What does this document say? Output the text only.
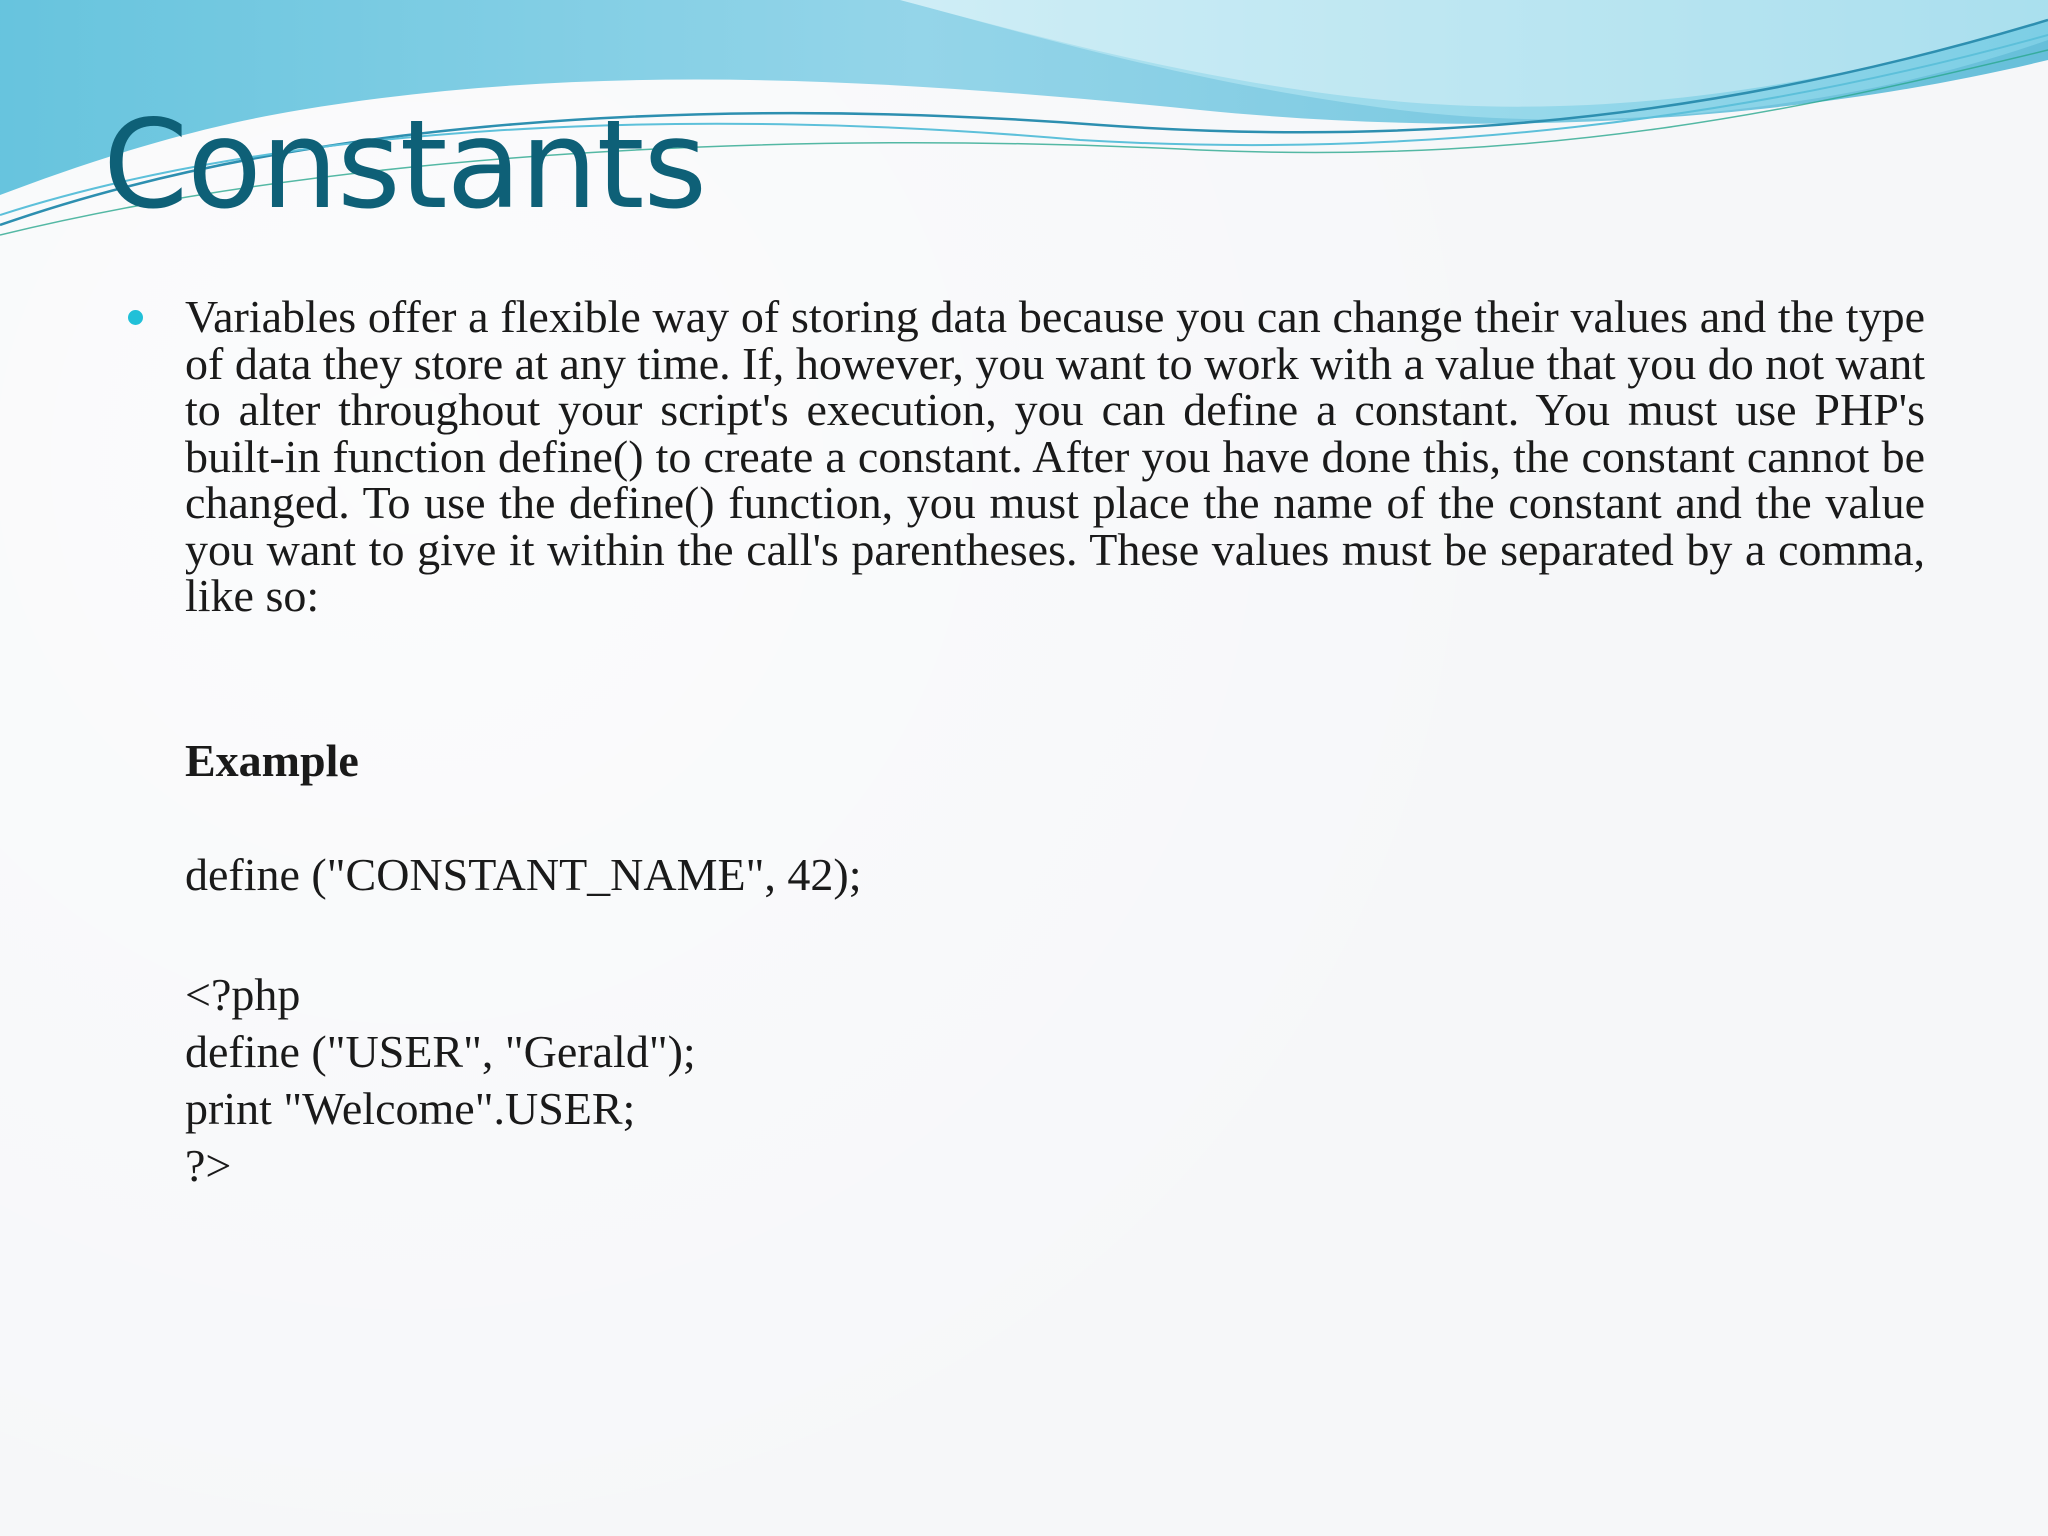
Constants

Variables offer a flexible way of storing data because you can change their values and the type of data they store at any time. If, however, you want to work with a value that you do not want to alter throughout your script's execution, you can define a constant. You must use PHP's built-in function define() to create a constant. After you have done this, the constant cannot be changed. To use the define() function, you must place the name of the constant and the value you want to give it within the call's parentheses. These values must be separated by a comma, like so:

Example

define ("CONSTANT_NAME", 42);

<?php

define ("USER", "Gerald");

print "Welcome".USER;

?>
